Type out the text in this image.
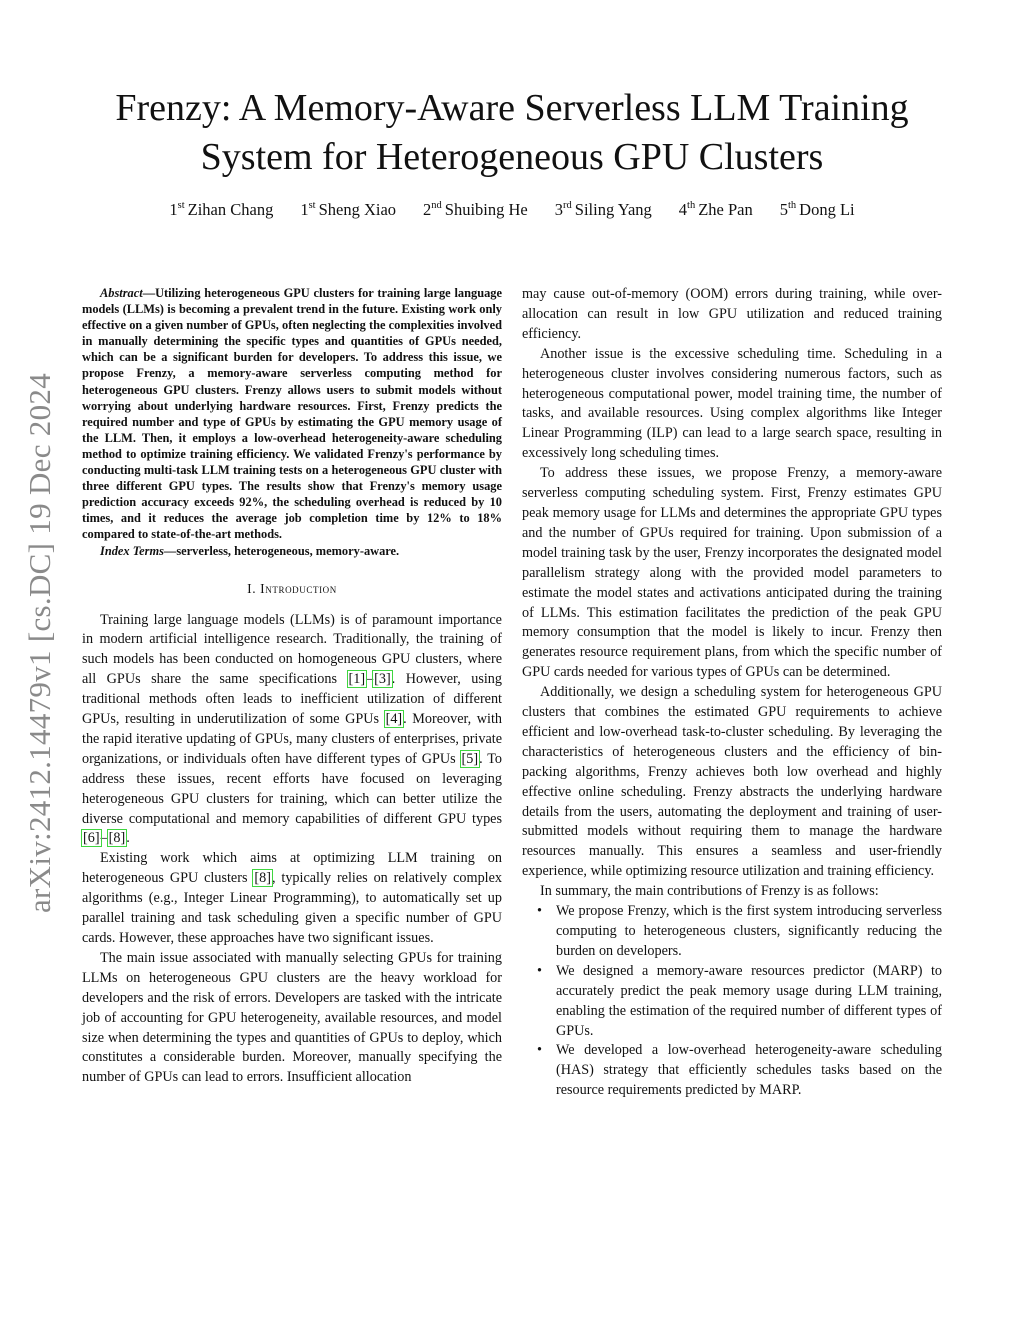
arXiv:2412.14479v1 [cs.DC] 19 Dec 2024
Frenzy: A Memory-Aware Serverless LLM Training System for Heterogeneous GPU Clusters
1st Zihan Chang 1st Sheng Xiao 2nd Shuibing He 3rd Siling Yang 4th Zhe Pan 5th Dong Li

Abstract—Utilizing heterogeneous GPU clusters for training large language models (LLMs) is becoming a prevalent trend in the future. Existing work only effective on a given number of GPUs, often neglecting the complexities involved in manually determining the specific types and quantities of GPUs needed, which can be a significant burden for developers. To address this issue, we propose Frenzy, a memory-aware serverless computing method for heterogeneous GPU clusters. Frenzy allows users to submit models without worrying about underlying hardware resources. First, Frenzy predicts the required number and type of GPUs by estimating the GPU memory usage of the LLM. Then, it employs a low-overhead heterogeneity-aware scheduling method to optimize training efficiency. We validated Frenzy's performance by conducting multi-task LLM training tests on a heterogeneous GPU cluster with three different GPU types. The results show that Frenzy's memory usage prediction accuracy exceeds 92%, the scheduling overhead is reduced by 10 times, and it reduces the average job completion time by 12% to 18% compared to state-of-the-art methods.

Index Terms—serverless, heterogeneous, memory-aware.

I. Introduction

Training large language models (LLMs) is of paramount importance in modern artificial intelligence research. Traditionally, the training of such models has been conducted on homogeneous GPU clusters, where all GPUs share the same specifications [1]–[3]. However, using traditional methods often leads to inefficient utilization of different GPUs, resulting in underutilization of some GPUs [4]. Moreover, with the rapid iterative updating of GPUs, many clusters of enterprises, private organizations, or individuals often have different types of GPUs [5]. To address these issues, recent efforts have focused on leveraging heterogeneous GPU clusters for training, which can better utilize the diverse computational and memory capabilities of different GPU types [6]–[8].

Existing work which aims at optimizing LLM training on heterogeneous GPU clusters [8], typically relies on relatively complex algorithms (e.g., Integer Linear Programming), to automatically set up parallel training and task scheduling given a specific number of GPU cards. However, these approaches have two significant issues.

The main issue associated with manually selecting GPUs for training LLMs on heterogeneous GPU clusters are the heavy workload for developers and the risk of errors. Developers are tasked with the intricate job of accounting for GPU heterogeneity, available resources, and model size when determining the types and quantities of GPUs to deploy, which constitutes a considerable burden. Moreover, manually specifying the number of GPUs can lead to errors. Insufficient allocation

may cause out-of-memory (OOM) errors during training, while over-allocation can result in low GPU utilization and reduced training efficiency.

Another issue is the excessive scheduling time. Scheduling in a heterogeneous cluster involves considering numerous factors, such as heterogeneous computational power, model training time, the number of tasks, and available resources. Using complex algorithms like Integer Linear Programming (ILP) can lead to a large search space, resulting in excessively long scheduling times.

To address these issues, we propose Frenzy, a memory-aware serverless computing scheduling system. First, Frenzy estimates GPU peak memory usage for LLMs and determines the appropriate GPU types and the number of GPUs required for training. Upon submission of a model training task by the user, Frenzy incorporates the designated model parallelism strategy along with the provided model parameters to estimate the model states and activations anticipated during the training of LLMs. This estimation facilitates the prediction of the peak GPU memory consumption that the model is likely to incur. Frenzy then generates resource requirement plans, from which the specific number of GPU cards needed for various types of GPUs can be determined.

Additionally, we design a scheduling system for heterogeneous GPU clusters that combines the estimated GPU requirements to achieve efficient and low-overhead task-to-cluster scheduling. By leveraging the characteristics of heterogeneous clusters and the efficiency of bin-packing algorithms, Frenzy achieves both low overhead and highly effective online scheduling. Frenzy abstracts the underlying hardware details from the users, automating the deployment and training of user-submitted models without requiring them to manage the hardware resources manually. This ensures a seamless and user-friendly experience, while optimizing resource utilization and training efficiency.

In summary, the main contributions of Frenzy is as follows:

• We propose Frenzy, which is the first system introducing serverless computing to heterogeneous clusters, significantly reducing the burden on developers.
• We designed a memory-aware resources predictor (MARP) to accurately predict the peak memory usage during LLM training, enabling the estimation of the required number of different types of GPUs.
• We developed a low-overhead heterogeneity-aware scheduling (HAS) strategy that efficiently schedules tasks based on the resource requirements predicted by MARP.
